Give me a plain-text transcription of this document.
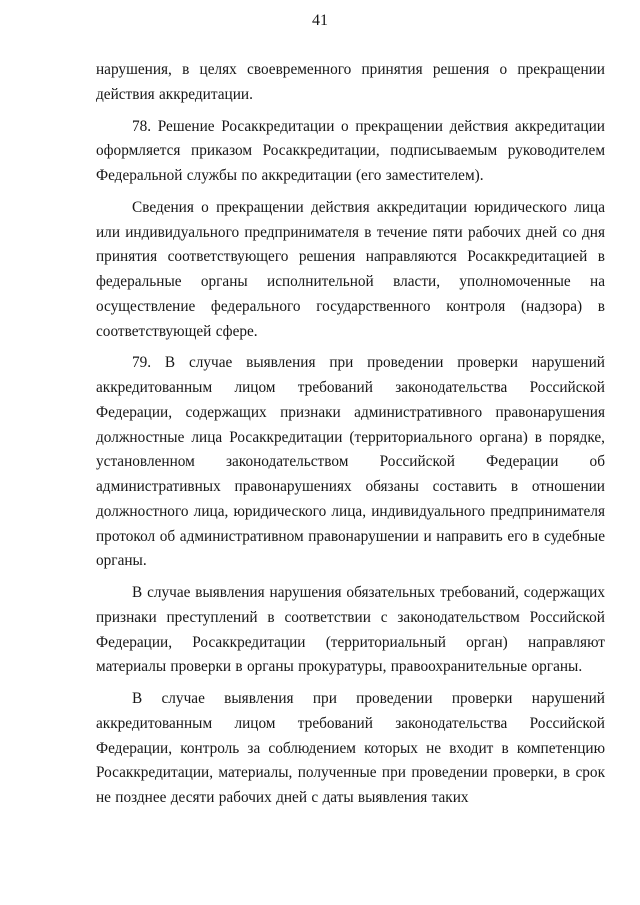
41

нарушения, в целях своевременного принятия решения о прекращении действия аккредитации.

78. Решение Росаккредитации о прекращении действия аккредитации оформляется приказом Росаккредитации, подписываемым руководителем Федеральной службы по аккредитации (его заместителем).

Сведения о прекращении действия аккредитации юридического лица или индивидуального предпринимателя в течение пяти рабочих дней со дня принятия соответствующего решения направляются Росаккредитацией в федеральные органы исполнительной власти, уполномоченные на осуществление федерального государственного контроля (надзора) в соответствующей сфере.

79. В случае выявления при проведении проверки нарушений аккредитованным лицом требований законодательства Российской Федерации, содержащих признаки административного правонарушения должностные лица Росаккредитации (территориального органа) в порядке, установленном законодательством Российской Федерации об административных правонарушениях обязаны составить в отношении должностного лица, юридического лица, индивидуального предпринимателя протокол об административном правонарушении и направить его в судебные органы.

В случае выявления нарушения обязательных требований, содержащих признаки преступлений в соответствии с законодательством Российской Федерации, Росаккредитации (территориальный орган) направляют материалы проверки в органы прокуратуры, правоохранительные органы.

В случае выявления при проведении проверки нарушений аккредитованным лицом требований законодательства Российской Федерации, контроль за соблюдением которых не входит в компетенцию Росаккредитации, материалы, полученные при проведении проверки, в срок не позднее десяти рабочих дней с даты выявления таких
